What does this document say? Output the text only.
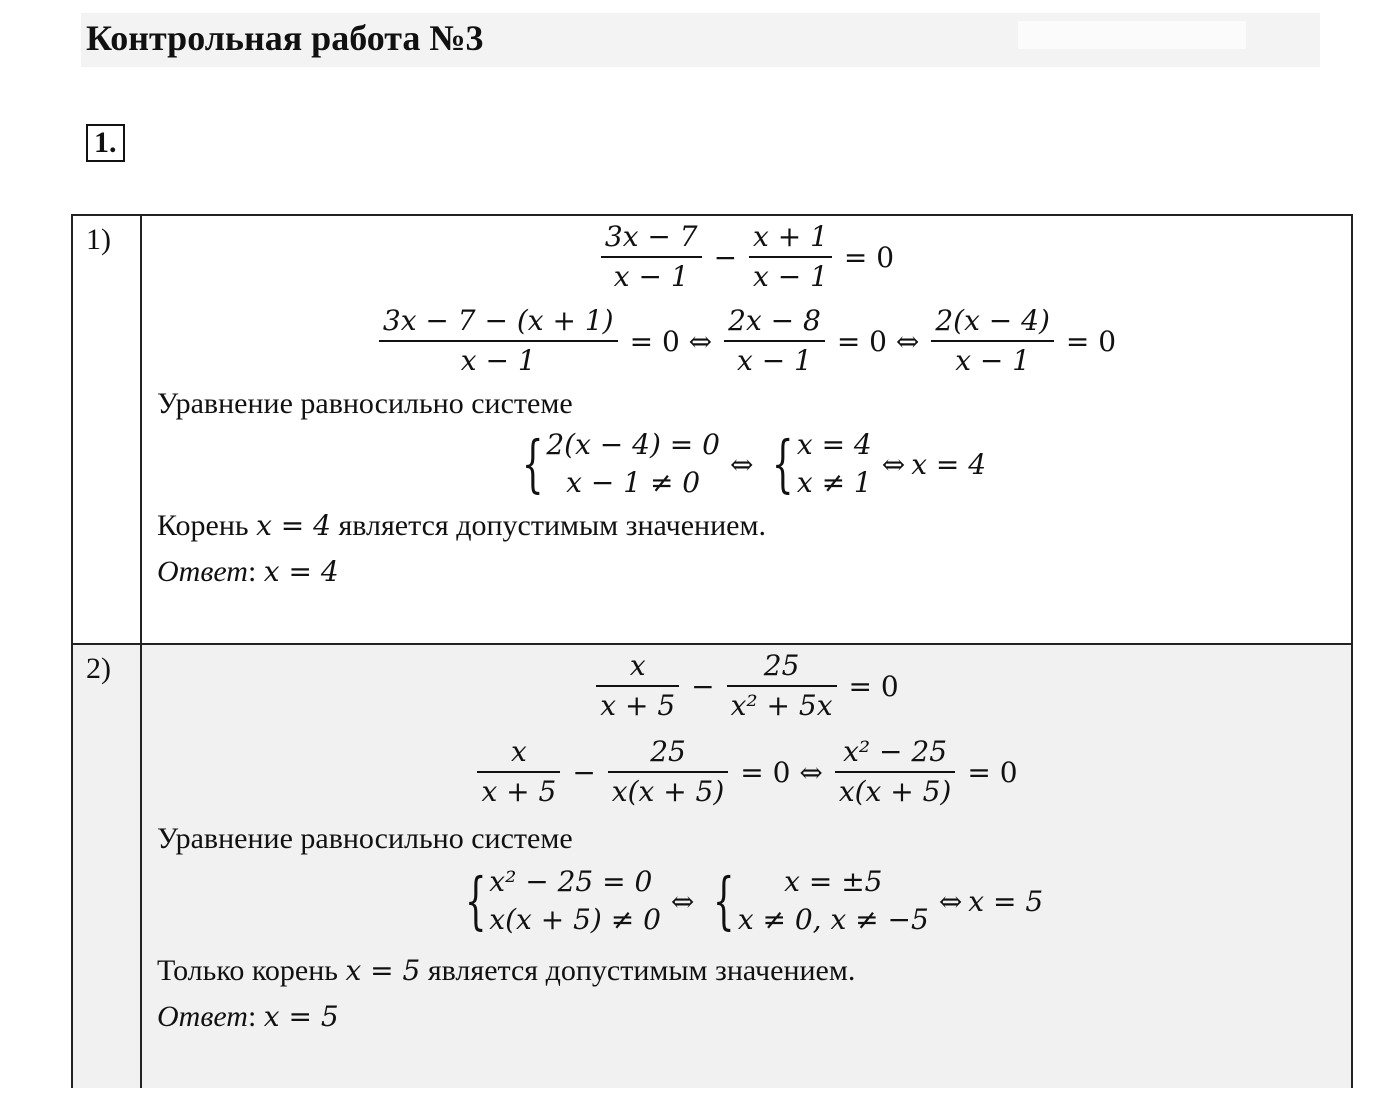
Контрольная работа №3
1.
1)	$\frac{3x - 7}{x - 1} - \frac{x + 1}{x - 1} = 0$
$\frac{3x - 7 - (x + 1)}{x - 1} = 0$ ⇔ $\frac{2x - 8}{x - 1} = 0$ ⇔ $\frac{2(x - 4)}{x - 1} = 0$
Уравнение равносильно системе
{ 2(x − 4) = 0
x − 1 ≠ 0
⇔ { x = 4
x ≠ 1
⇔ x = 4
Корень x = 4 является допустимым значением.
Ответ: x = 4
2)	$\frac{x}{x + 5} - \frac{25}{\text{x² + 5x}} = 0$
$\frac{x}{x + 5} - \frac{25}{x(x + 5)} = 0$ ⇔ $\frac{\text{x² − 25}}{x(x + 5)} = 0$
Уравнение равносильно системе
{ x² − 25 = 0
x(x + 5) ≠ 0
⇔ {	x = ±5
x ≠ 0, x ≠ −5
⇔ x = 5
Только корень x = 5 является допустимым значением.
Ответ: x = 5
